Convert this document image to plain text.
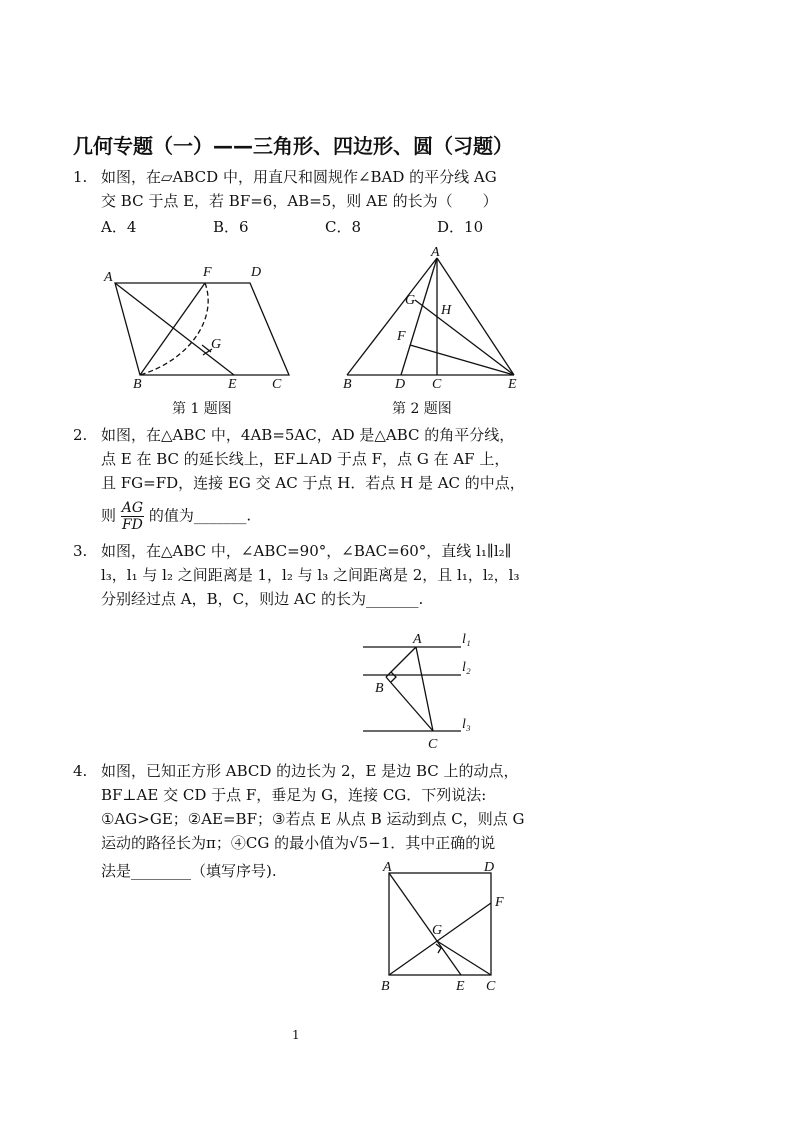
几何专题（一）——三角形、四边形、圆（习题）
1. 如图，在▱ABCD 中，用直尺和圆规作∠BAD 的平分线 AG
交 BC 于点 E，若 BF=6，AB=5，则 AE 的长为（　　）
A．4	B．6	C．8	D．10
A	F	D
G
B	E	C
第 1 题图
A
G
H
F
B	D C	E
第 2 题图
2. 如图，在△ABC 中，4AB=5AC，AD 是△ABC 的角平分线，
点 E 在 BC 的延长线上，EF⊥AD 于点 F，点 G 在 AF 上，
且 FG=FD，连接 EG 交 AC 于点 H．若点 H 是 AC 的中点，
则 $\frac{AG}{FD}$ 的值为_______.
3. 如图，在△ABC 中，∠ABC=90°，∠BAC=60°，直线 l₁∥l₂∥
l₃，l₁ 与 l₂ 之间距离是 1，l₂ 与 l₃ 之间距离是 2，且 l₁，l₂，l₃
分别经过点 A，B，C，则边 AC 的长为_______.
A	l₁
l₂
B
l₃
C
4. 如图，已知正方形 ABCD 的边长为 2，E 是边 BC 上的动点，
BF⊥AE 交 CD 于点 F，垂足为 G，连接 CG．下列说法:
①AG>GE；②AE=BF；③若点 E 从点 B 运动到点 C，则点 G
运动的路径长为π；④CG 的最小值为√5−1．其中正确的说
法是________（填写序号).	A	D
F
G
B	E C
1
